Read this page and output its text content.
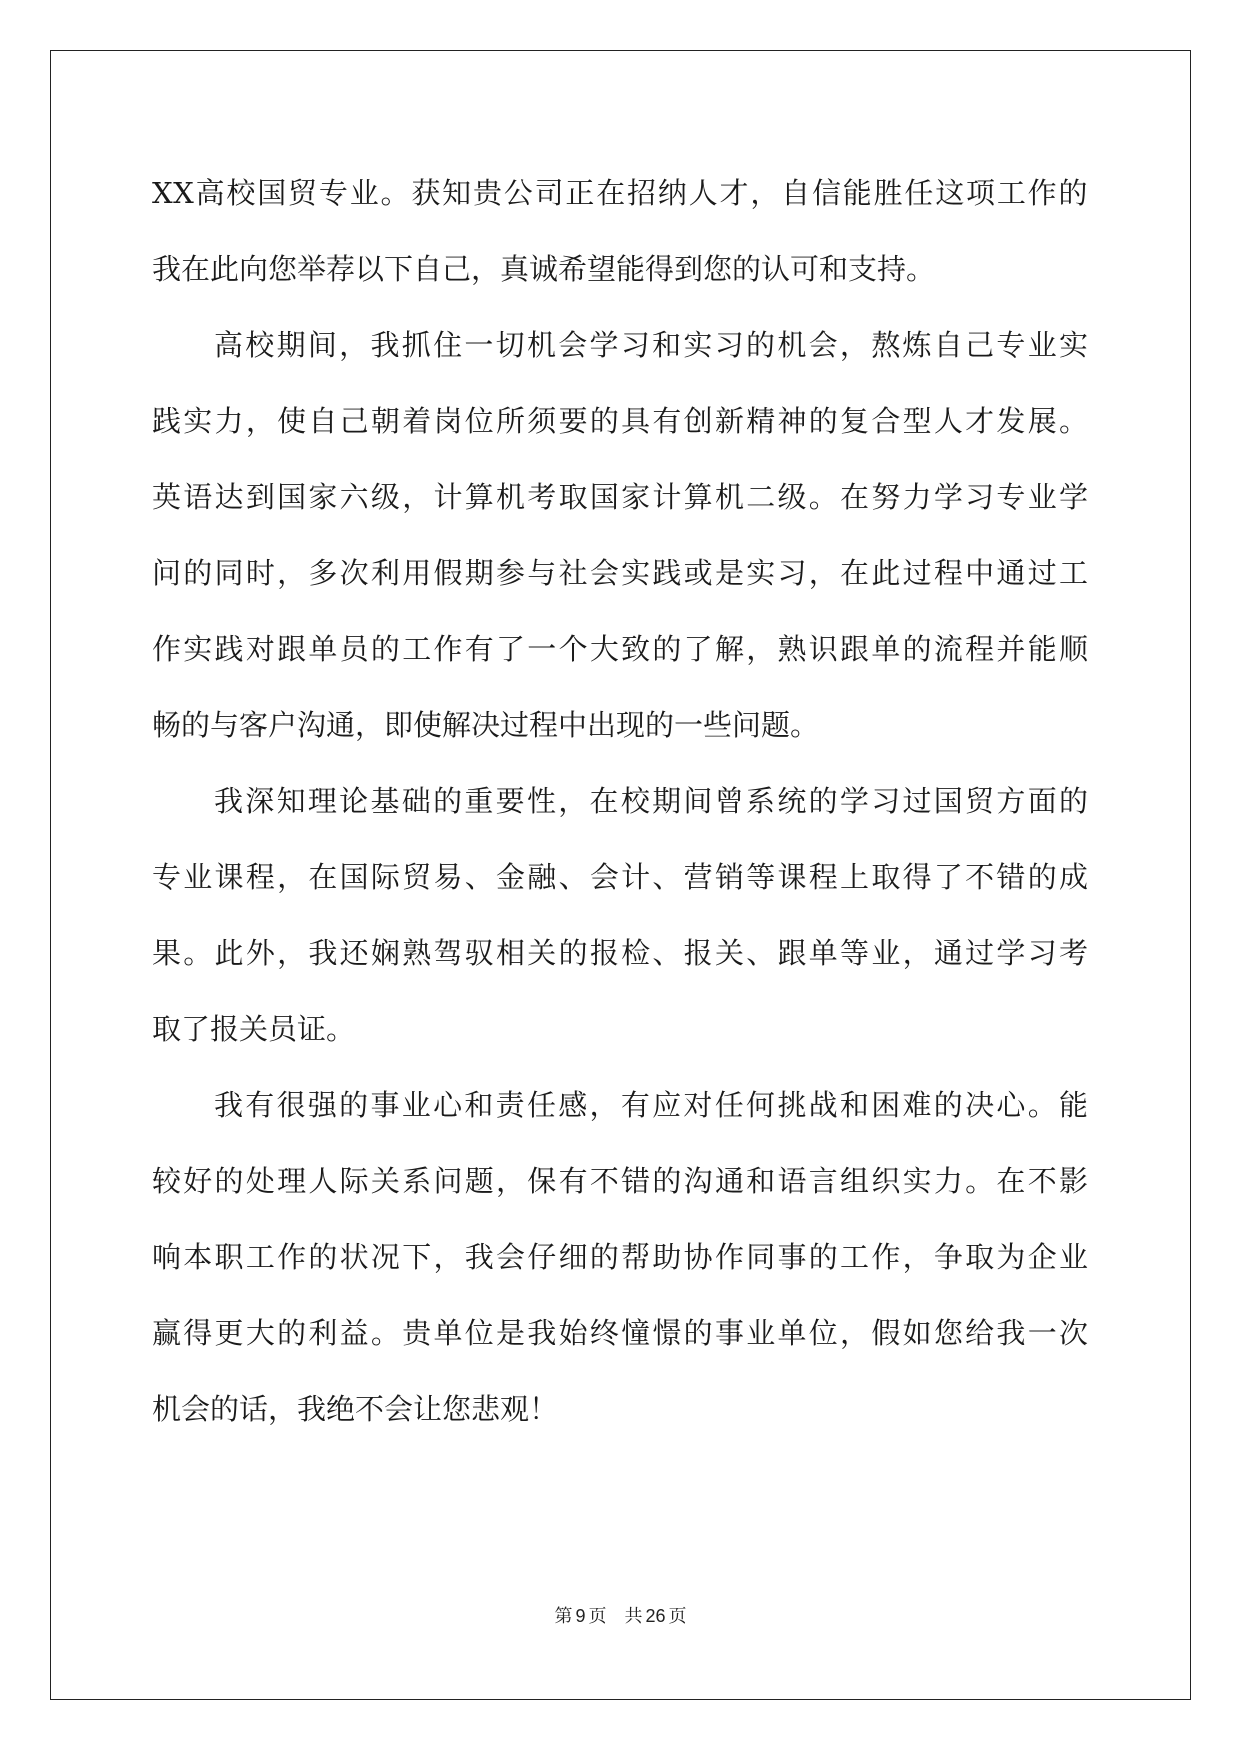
XX高校国贸专业。获知贵公司正在招纳人才，自信能胜任这项工作的
我在此向您举荐以下自己，真诚希望能得到您的认可和支持。
高校期间，我抓住一切机会学习和实习的机会，熬炼自己专业实
践实力，使自己朝着岗位所须要的具有创新精神的复合型人才发展。
英语达到国家六级，计算机考取国家计算机二级。在努力学习专业学
问的同时，多次利用假期参与社会实践或是实习，在此过程中通过工
作实践对跟单员的工作有了一个大致的了解，熟识跟单的流程并能顺
畅的与客户沟通，即使解决过程中出现的一些问题。
我深知理论基础的重要性，在校期间曾系统的学习过国贸方面的
专业课程，在国际贸易、金融、会计、营销等课程上取得了不错的成
果。此外，我还娴熟驾驭相关的报检、报关、跟单等业，通过学习考
取了报关员证。
我有很强的事业心和责任感，有应对任何挑战和困难的决心。能
较好的处理人际关系问题，保有不错的沟通和语言组织实力。在不影
响本职工作的状况下，我会仔细的帮助协作同事的工作，争取为企业
赢得更大的利益。贵单位是我始终憧憬的事业单位，假如您给我一次
机会的话，我绝不会让您悲观！
第 9 页 共 26 页
